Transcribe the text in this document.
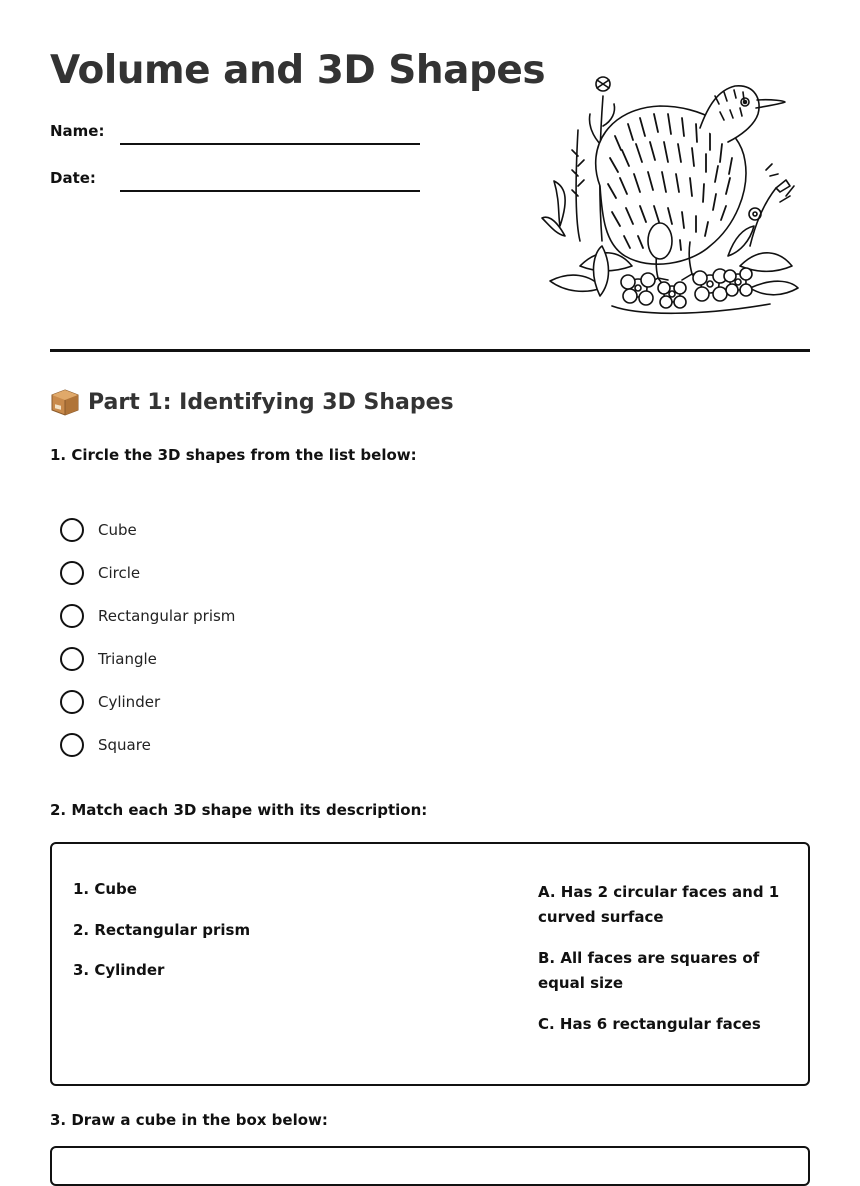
Volume and 3D Shapes
Name:
Date:
Part 1: Identifying 3D Shapes
1. Circle the 3D shapes from the list below:
Cube
Circle
Rectangular prism
Triangle
Cylinder
Square
2. Match each 3D shape with its description:
1. Cube
2. Rectangular prism
3. Cylinder
A. Has 2 circular faces and 1 curved surface
B. All faces are squares of equal size
C. Has 6 rectangular faces
3. Draw a cube in the box below:
